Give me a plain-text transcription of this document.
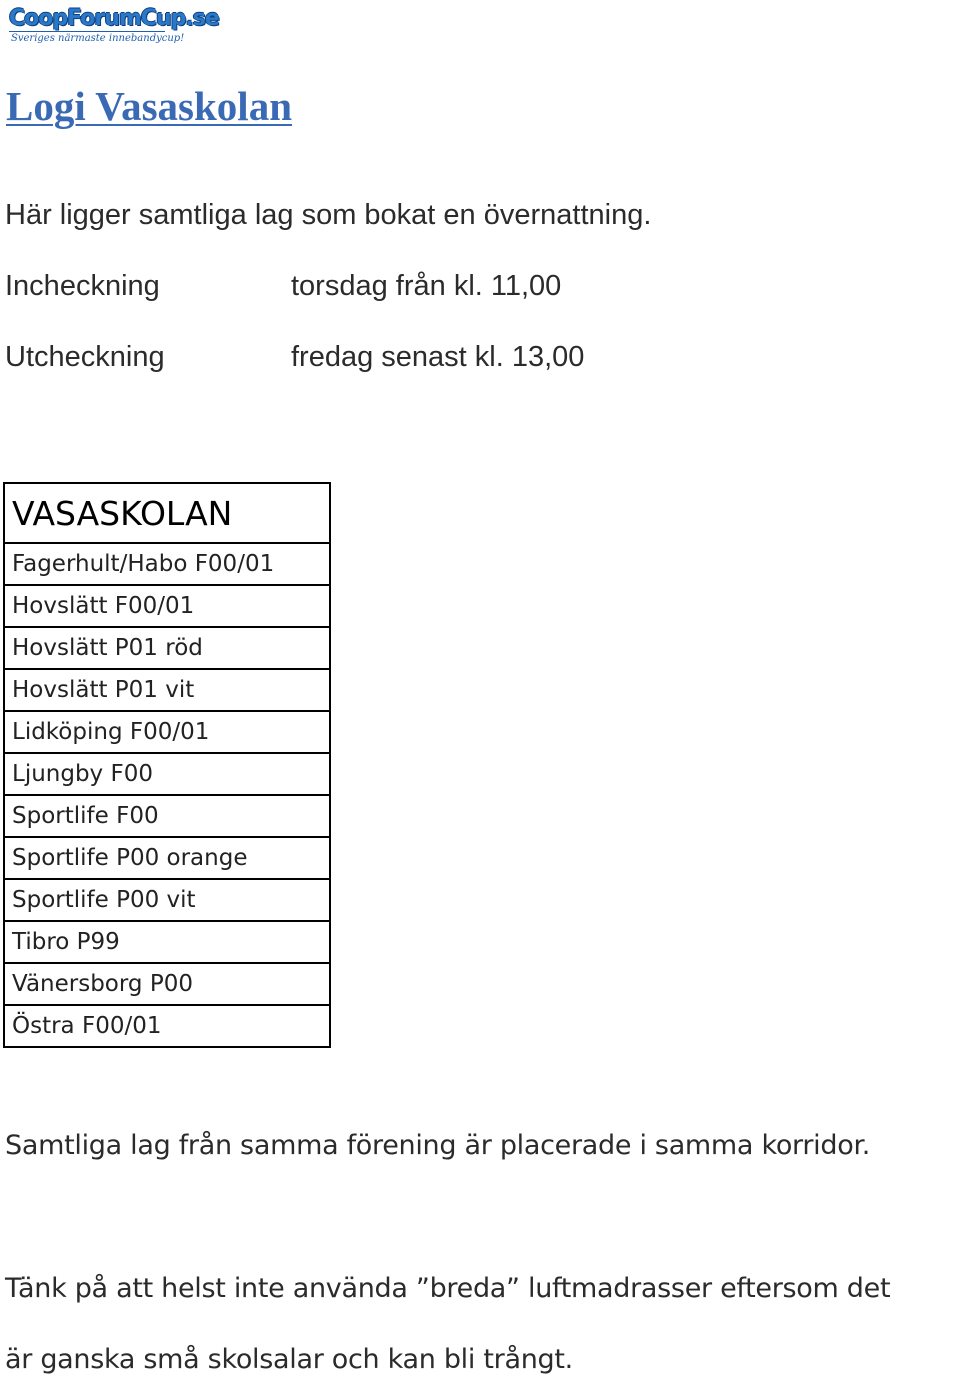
CoopForumCup.se
Sveriges närmaste innebandycup!
Logi Vasaskolan

Här ligger samtliga lag som bokat en övernattning.

Incheckning	torsdag från kl. 11,00
Utcheckning	fredag senast kl. 13,00
VASASKOLAN
Fagerhult/Habo F00/01
Hovslätt F00/01
Hovslätt P01 röd
Hovslätt P01 vit
Lidköping F00/01
Ljungby F00
Sportlife F00
Sportlife P00 orange
Sportlife P00 vit
Tibro P99
Vänersborg P00
Östra F00/01

Samtliga lag från samma förening är placerade i samma korridor.

Tänk på att helst inte använda ”breda” luftmadrasser eftersom det

är ganska små skolsalar och kan bli trångt.
